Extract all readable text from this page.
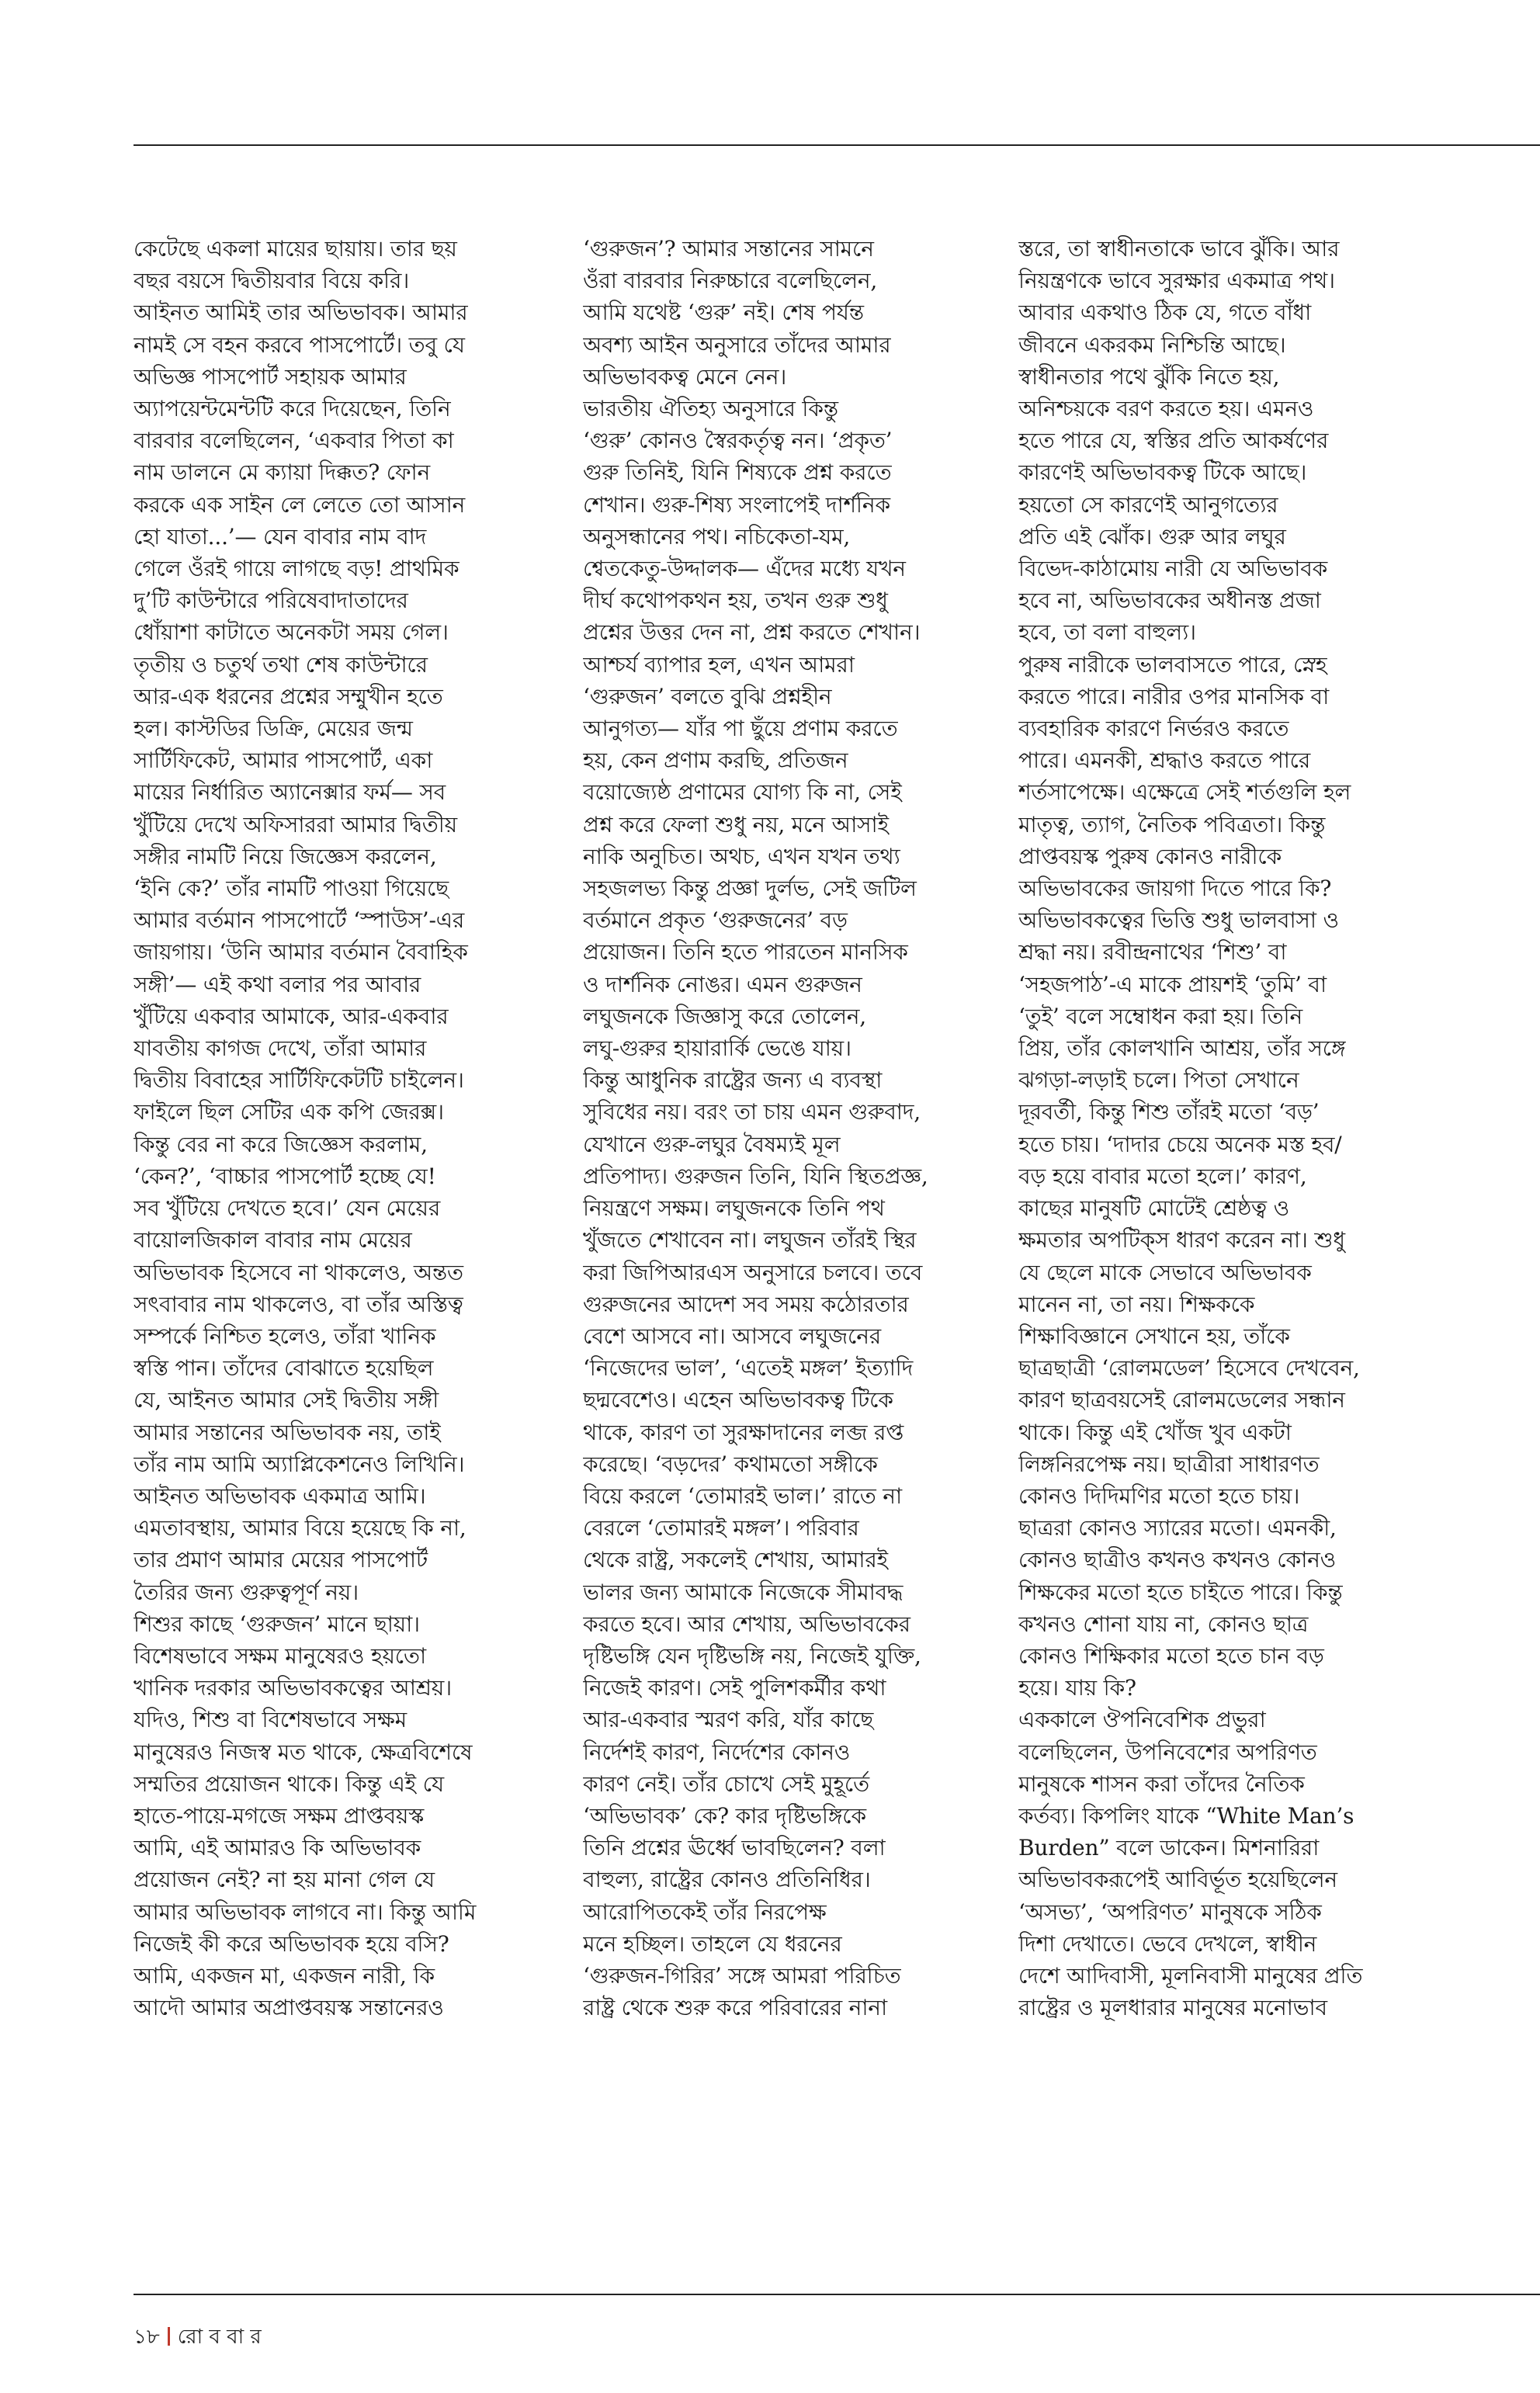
কেটেছে একলা মায়ের ছায়ায়। তার ছয়

বছর বয়সে দ্বিতীয়বার বিয়ে করি।

আইনত আমিই তার অভিভাবক। আমার

নামই সে বহন করবে পাসপোর্টে। তবু যে

অভিজ্ঞ পাসপোর্ট সহায়ক আমার

অ্যাপয়েন্টমেন্টটি করে দিয়েছেন, তিনি

বারবার বলেছিলেন, ‘একবার পিতা কা

নাম ডালনে মে ক্যায়া দিক্কত? ফোন

করকে এক সাইন লে লেতে তো আসান

হো যাতা...’— যেন বাবার নাম বাদ

গেলে ওঁরই গায়ে লাগছে বড়! প্রাথমিক

দু’টি কাউন্টারে পরিষেবাদাতাদের

ধোঁয়াশা কাটাতে অনেকটা সময় গেল।

তৃতীয় ও চতুর্থ তথা শেষ কাউন্টারে

আর-এক ধরনের প্রশ্নের সম্মুখীন হতে

হল। কাস্টডির ডিক্রি, মেয়ের জন্ম

সার্টিফিকেট, আমার পাসপোর্ট, একা

মায়ের নির্ধারিত অ্যানেক্সার ফর্ম— সব

খুঁটিয়ে দেখে অফিসাররা আমার দ্বিতীয়

সঙ্গীর নামটি নিয়ে জিজ্ঞেস করলেন,

‘ইনি কে?’ তাঁর নামটি পাওয়া গিয়েছে

আমার বর্তমান পাসপোর্টে ‘স্পাউস’-এর

জায়গায়। ‘উনি আমার বর্তমান বৈবাহিক

সঙ্গী’— এই কথা বলার পর আবার

খুঁটিয়ে একবার আমাকে, আর-একবার

যাবতীয় কাগজ দেখে, তাঁরা আমার

দ্বিতীয় বিবাহের সার্টিফিকেটটি চাইলেন।

ফাইলে ছিল সেটির এক কপি জেরক্স।

কিন্তু বের না করে জিজ্ঞেস করলাম,

‘কেন?’, ‘বাচ্চার পাসপোর্ট হচ্ছে যে!

সব খুঁটিয়ে দেখতে হবে।’ যেন মেয়ের

বায়োলজিকাল বাবার নাম মেয়ের

অভিভাবক হিসেবে না থাকলেও, অন্তত

সৎবাবার নাম থাকলেও, বা তাঁর অস্তিত্ব

সম্পর্কে নিশ্চিত হলেও, তাঁরা খানিক

স্বস্তি পান। তাঁদের বোঝাতে হয়েছিল

যে, আইনত আমার সেই দ্বিতীয় সঙ্গী

আমার সন্তানের অভিভাবক নয়, তাই

তাঁর নাম আমি অ্যাপ্লিকেশনেও লিখিনি।

আইনত অভিভাবক একমাত্র আমি।

এমতাবস্থায়, আমার বিয়ে হয়েছে কি না,

তার প্রমাণ আমার মেয়ের পাসপোর্ট

তৈরির জন্য গুরুত্বপূর্ণ নয়।

শিশুর কাছে ‘গুরুজন’ মানে ছায়া।

বিশেষভাবে সক্ষম মানুষেরও হয়তো

খানিক দরকার অভিভাবকত্বের আশ্রয়।

যদিও, শিশু বা বিশেষভাবে সক্ষম

মানুষেরও নিজস্ব মত থাকে, ক্ষেত্রবিশেষে

সম্মতির প্রয়োজন থাকে। কিন্তু এই যে

হাতে-পায়ে-মগজে সক্ষম প্রাপ্তবয়স্ক

আমি, এই আমারও কি অভিভাবক

প্রয়োজন নেই? না হয় মানা গেল যে

আমার অভিভাবক লাগবে না। কিন্তু আমি

নিজেই কী করে অভিভাবক হয়ে বসি?

আমি, একজন মা, একজন নারী, কি

আদৌ আমার অপ্রাপ্তবয়স্ক সন্তানেরও

‘গুরুজন’? আমার সন্তানের সামনে

ওঁরা বারবার নিরুচ্চারে বলেছিলেন,

আমি যথেষ্ট ‘গুরু’ নই। শেষ পর্যন্ত

অবশ্য আইন অনুসারে তাঁদের আমার

অভিভাবকত্ব মেনে নেন।

ভারতীয় ঐতিহ্য অনুসারে কিন্তু

‘গুরু’ কোনও স্বৈরকর্তৃত্ব নন। ‘প্রকৃত’

গুরু তিনিই, যিনি শিষ্যকে প্রশ্ন করতে

শেখান। গুরু-শিষ্য সংলাপেই দার্শনিক

অনুসন্ধানের পথ। নচিকেতা-যম,

শ্বেতকেতু-উদ্দালক— এঁদের মধ্যে যখন

দীর্ঘ কথোপকথন হয়, তখন গুরু শুধু

প্রশ্নের উত্তর দেন না, প্রশ্ন করতে শেখান।

আশ্চর্য ব্যাপার হল, এখন আমরা

‘গুরুজন’ বলতে বুঝি প্রশ্নহীন

আনুগত্য— যাঁর পা ছুঁয়ে প্রণাম করতে

হয়, কেন প্রণাম করছি, প্রতিজন

বয়োজ্যেষ্ঠ প্রণামের যোগ্য কি না, সেই

প্রশ্ন করে ফেলা শুধু নয়, মনে আসাই

নাকি অনুচিত। অথচ, এখন যখন তথ্য

সহজলভ্য কিন্তু প্রজ্ঞা দুর্লভ, সেই জটিল

বর্তমানে প্রকৃত ‘গুরুজনের’ বড়

প্রয়োজন। তিনি হতে পারতেন মানসিক

ও দার্শনিক নোঙর। এমন গুরুজন

লঘুজনকে জিজ্ঞাসু করে তোলেন,

লঘু-গুরুর হায়ারার্কি ভেঙে যায়।

কিন্তু আধুনিক রাষ্ট্রের জন্য এ ব্যবস্থা

সুবিধের নয়। বরং তা চায় এমন গুরুবাদ,

যেখানে গুরু-লঘুর বৈষম্যই মূল

প্রতিপাদ্য। গুরুজন তিনি, যিনি স্থিতপ্রজ্ঞ,

নিয়ন্ত্রণে সক্ষম। লঘুজনকে তিনি পথ

খুঁজতে শেখাবেন না। লঘুজন তাঁরই স্থির

করা জিপিআরএস অনুসারে চলবে। তবে

গুরুজনের আদেশ সব সময় কঠোরতার

বেশে আসবে না। আসবে লঘুজনের

‘নিজেদের ভাল’, ‘এতেই মঙ্গল’ ইত্যাদি

ছদ্মবেশেও। এহেন অভিভাবকত্ব টিকে

থাকে, কারণ তা সুরক্ষাদানের লব্জ রপ্ত

করেছে। ‘বড়দের’ কথামতো সঙ্গীকে

বিয়ে করলে ‘তোমারই ভাল।’ রাতে না

বেরলে ‘তোমারই মঙ্গল’। পরিবার

থেকে রাষ্ট্র, সকলেই শেখায়, আমারই

ভালর জন্য আমাকে নিজেকে সীমাবদ্ধ

করতে হবে। আর শেখায়, অভিভাবকের

দৃষ্টিভঙ্গি যেন দৃষ্টিভঙ্গি নয়, নিজেই যুক্তি,

নিজেই কারণ। সেই পুলিশকর্মীর কথা

আর-একবার স্মরণ করি, যাঁর কাছে

নির্দেশই কারণ, নির্দেশের কোনও

কারণ নেই। তাঁর চোখে সেই মুহূর্তে

‘অভিভাবক’ কে? কার দৃষ্টিভঙ্গিকে

তিনি প্রশ্নের ঊর্ধ্বে ভাবছিলেন? বলা

বাহুল্য, রাষ্ট্রের কোনও প্রতিনিধির।

আরোপিতকেই তাঁর নিরপেক্ষ

মনে হচ্ছিল। তাহলে যে ধরনের

‘গুরুজন-গিরির’ সঙ্গে আমরা পরিচিত

রাষ্ট্র থেকে শুরু করে পরিবারের নানা

স্তরে, তা স্বাধীনতাকে ভাবে ঝুঁকি। আর

নিয়ন্ত্রণকে ভাবে সুরক্ষার একমাত্র পথ।

আবার একথাও ঠিক যে, গতে বাঁধা

জীবনে একরকম নিশ্চিন্তি আছে।

স্বাধীনতার পথে ঝুঁকি নিতে হয়,

অনিশ্চয়কে বরণ করতে হয়। এমনও

হতে পারে যে, স্বস্তির প্রতি আকর্ষণের

কারণেই অভিভাবকত্ব টিকে আছে।

হয়তো সে কারণেই আনুগত্যের

প্রতি এই ঝোঁক। গুরু আর লঘুর

বিভেদ-কাঠামোয় নারী যে অভিভাবক

হবে না, অভিভাবকের অধীনস্ত প্রজা

হবে, তা বলা বাহুল্য।

পুরুষ নারীকে ভালবাসতে পারে, স্নেহ

করতে পারে। নারীর ওপর মানসিক বা

ব্যবহারিক কারণে নির্ভরও করতে

পারে। এমনকী, শ্রদ্ধাও করতে পারে

শর্তসাপেক্ষে। এক্ষেত্রে সেই শর্তগুলি হল

মাতৃত্ব, ত্যাগ, নৈতিক পবিত্রতা। কিন্তু

প্রাপ্তবয়স্ক পুরুষ কোনও নারীকে

অভিভাবকের জায়গা দিতে পারে কি?

অভিভাবকত্বের ভিত্তি শুধু ভালবাসা ও

শ্রদ্ধা নয়। রবীন্দ্রনাথের ‘শিশু’ বা

‘সহজপাঠ’-এ মাকে প্রায়শই ‘তুমি’ বা

‘তুই’ বলে সম্বোধন করা হয়। তিনি

প্রিয়, তাঁর কোলখানি আশ্রয়, তাঁর সঙ্গে

ঝগড়া-লড়াই চলে। পিতা সেখানে

দূরবর্তী, কিন্তু শিশু তাঁরই মতো ‘বড়’

হতে চায়। ‘দাদার চেয়ে অনেক মস্ত হব/

বড় হয়ে বাবার মতো হলে।’ কারণ,

কাছের মানুষটি মোটেই শ্রেষ্ঠত্ব ও

ক্ষমতার অপটিক্‌স ধারণ করেন না। শুধু

যে ছেলে মাকে সেভাবে অভিভাবক

মানেন না, তা নয়। শিক্ষককে

শিক্ষাবিজ্ঞানে সেখানে হয়, তাঁকে

ছাত্রছাত্রী ‘রোলমডেল’ হিসেবে দেখবেন,

কারণ ছাত্রবয়সেই রোলমডেলের সন্ধান

থাকে। কিন্তু এই খোঁজ খুব একটা

লিঙ্গনিরপেক্ষ নয়। ছাত্রীরা সাধারণত

কোনও দিদিমণির মতো হতে চায়।

ছাত্ররা কোনও স্যারের মতো। এমনকী,

কোনও ছাত্রীও কখনও কখনও কোনও

শিক্ষকের মতো হতে চাইতে পারে। কিন্তু

কখনও শোনা যায় না, কোনও ছাত্র

কোনও শিক্ষিকার মতো হতে চান বড়

হয়ে। যায় কি?

এককালে ঔপনিবেশিক প্রভুরা

বলেছিলেন, উপনিবেশের অপরিণত

মানুষকে শাসন করা তাঁদের নৈতিক

কর্তব্য। কিপলিং যাকে “White Man’s

Burden” বলে ডাকেন। মিশনারিরা

অভিভাবকরূপেই আবির্ভূত হয়েছিলেন

‘অসভ্য’, ‘অপরিণত’ মানুষকে সঠিক

দিশা দেখাতে। ভেবে দেখলে, স্বাধীন

দেশে আদিবাসী, মূলনিবাসী মানুষের প্রতি

রাষ্ট্রের ও মূলধারার মানুষের মনোভাব

১৮ রো ব বা র
